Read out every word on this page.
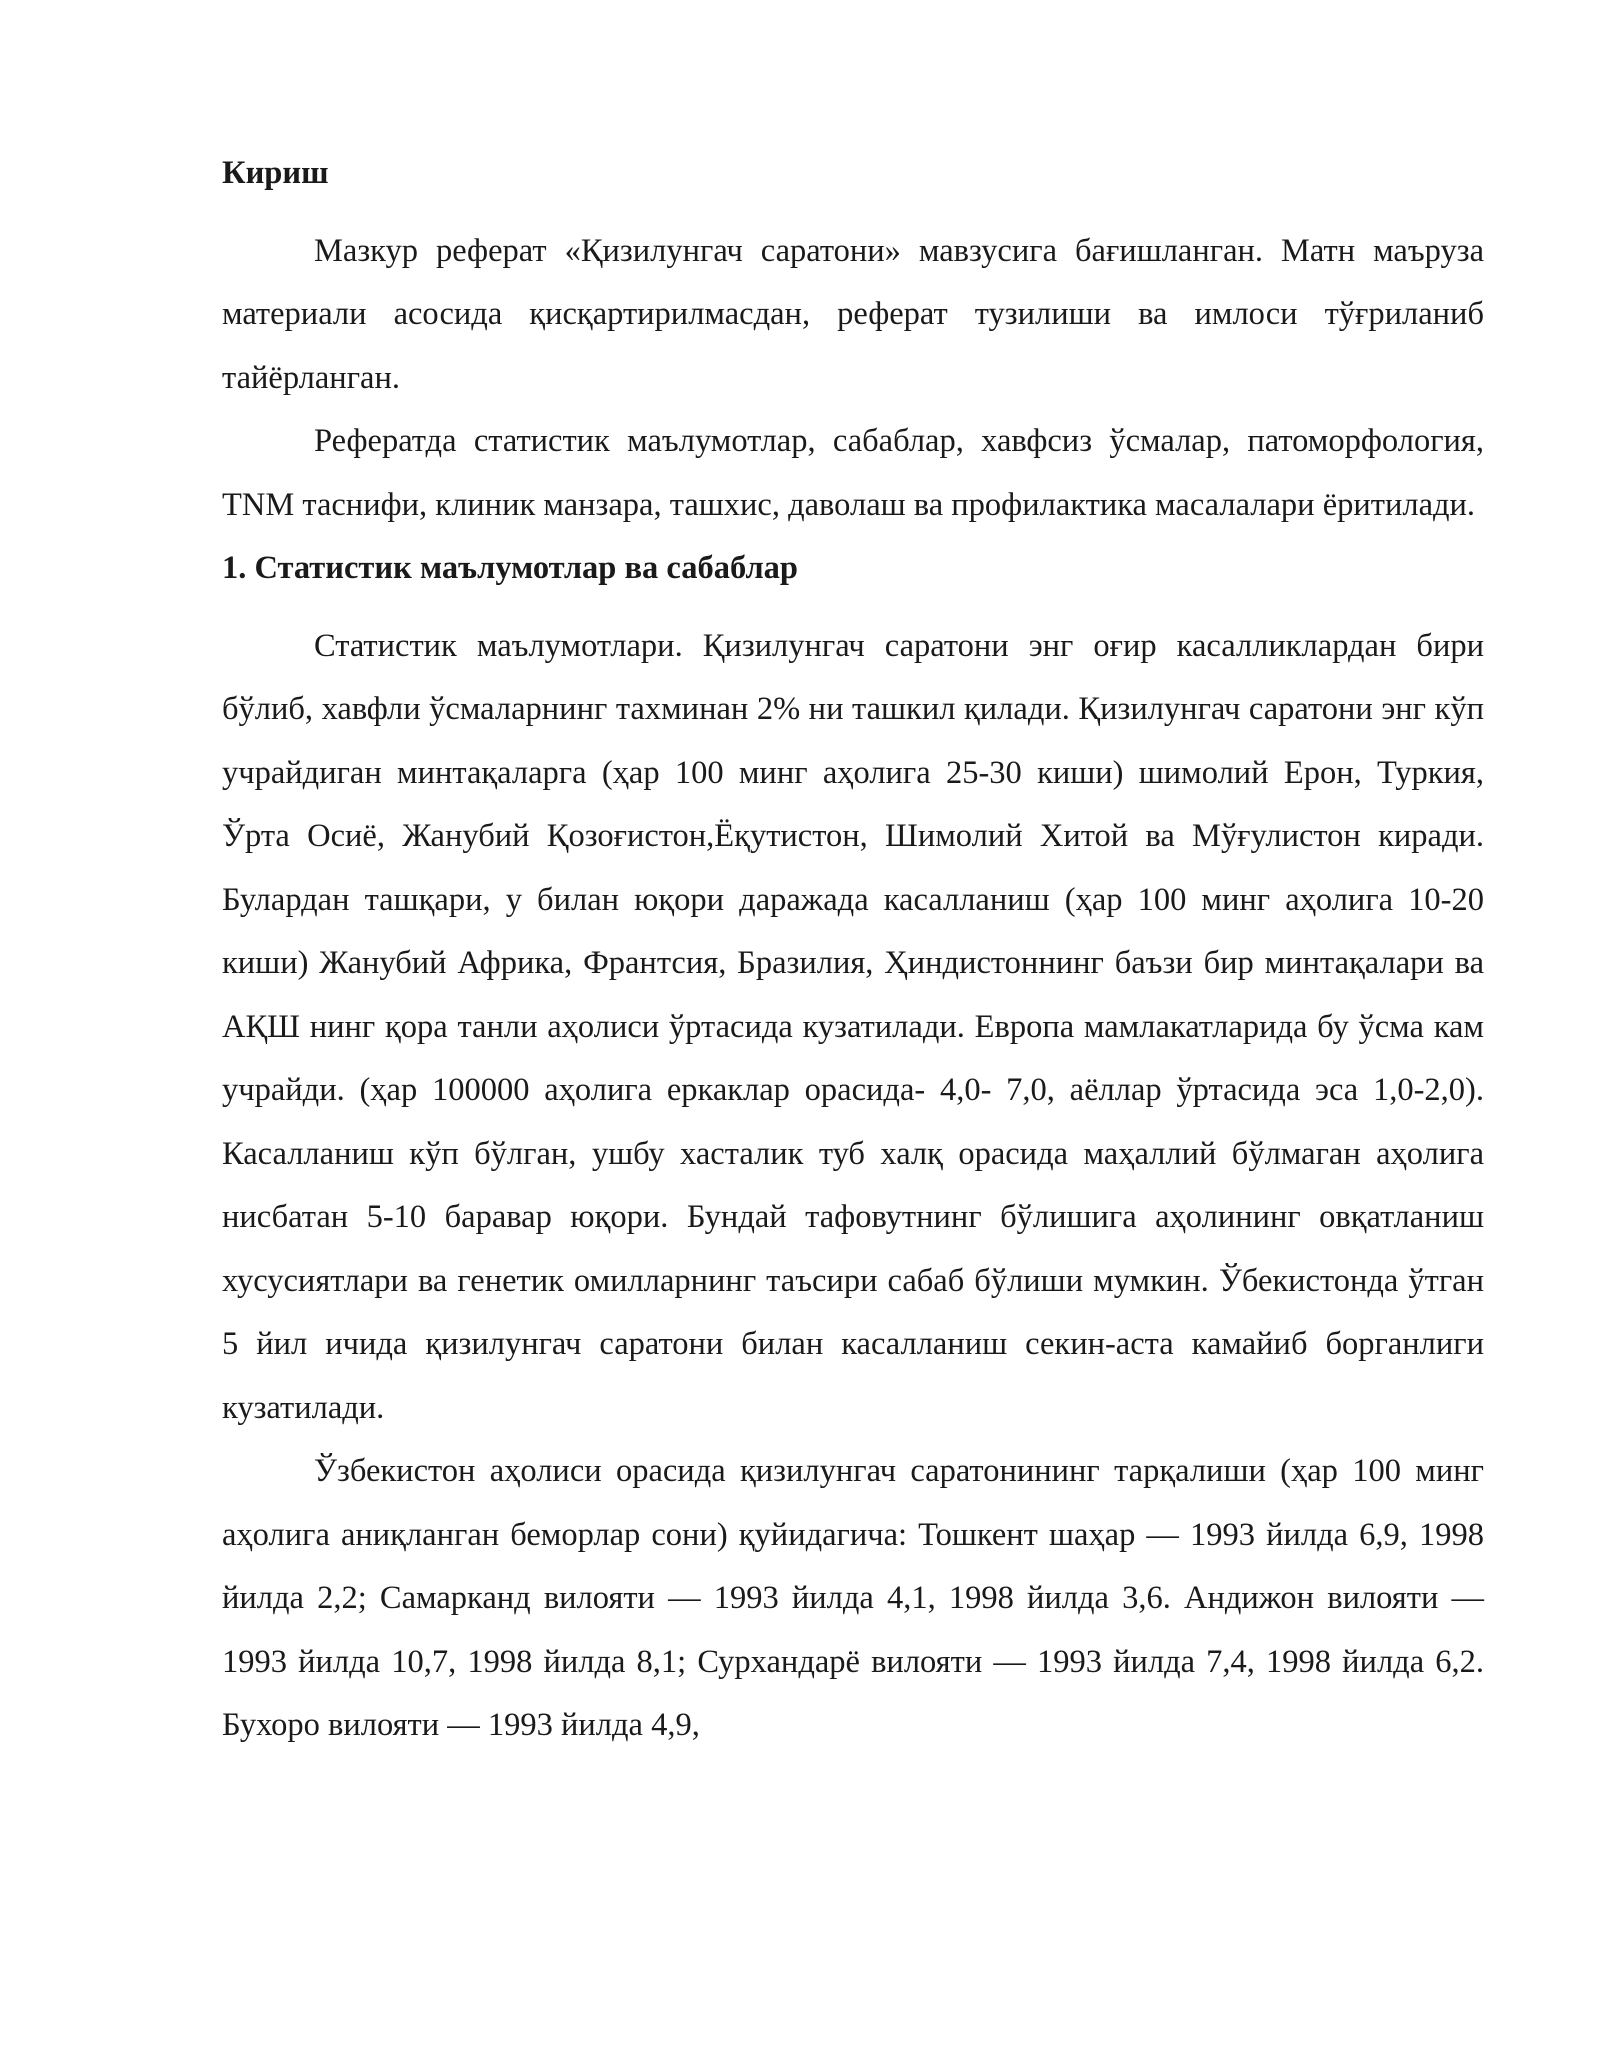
Кириш

Мазкур реферат «Қизилунгач саратони» мавзусига бағишланган. Матн маъруза материали асосида қисқартирилмасдан, реферат тузилиши ва имлоси тўғриланиб тайёрланган.

Рефератда статистик маълумотлар, сабаблар, хавфсиз ўсмалар, патоморфология, TNM таснифи, клиник манзара, ташхис, даволаш ва профилактика масалалари ёритилади.

1. Статистик маълумотлар ва сабаблар

Статистик маълумотлари. Қизилунгач саратони энг оғир касалликлардан бири бўлиб, хавфли ўсмаларнинг тахминан 2% ни ташкил қилади. Қизилунгач саратони энг кўп учрайдиган минтақаларга (ҳар 100 минг аҳолига 25-30 киши) шимолий Ерон, Туркия, Ўрта Осиё, Жанубий Қозоғистон,Ёқутистон, Шимолий Хитой ва Мўғулистон киради. Булардан ташқари, у билан юқори даражада касалланиш (ҳар 100 минг аҳолига 10-20 киши) Жанубий Африка, Франтсия, Бразилия, Ҳиндистоннинг баъзи бир минтақалари ва АҚШ нинг қора танли аҳолиси ўртасида кузатилади. Европа мамлакатларида бу ўсма кам учрайди. (ҳар 100000 аҳолига еркаклар орасида- 4,0- 7,0, аёллар ўртасида эса 1,0-2,0). Касалланиш кўп бўлган, ушбу хасталик туб халқ орасида маҳаллий бўлмаган аҳолига нисбатан 5-10 баравар юқори. Бундай тафовутнинг бўлишига аҳолининг овқатланиш хусусиятлари ва генетик омилларнинг таъсири сабаб бўлиши мумкин. Ўбекистонда ўтган 5 йил ичида қизилунгач саратони билан касалланиш секин-аста камайиб борганлиги кузатилади.

Ўзбекистон аҳолиси орасида қизилунгач саратонининг тарқалиши (ҳар 100 минг аҳолига аниқланган беморлар сони) қуйидагича: Тошкент шаҳар — 1993 йилда 6,9, 1998 йилда 2,2; Самарканд вилояти — 1993 йилда 4,1, 1998 йилда 3,6. Андижон вилояти — 1993 йилда 10,7, 1998 йилда 8,1; Сурхандарё вилояти — 1993 йилда 7,4, 1998 йилда 6,2. Бухоро вилояти — 1993 йилда 4,9,
